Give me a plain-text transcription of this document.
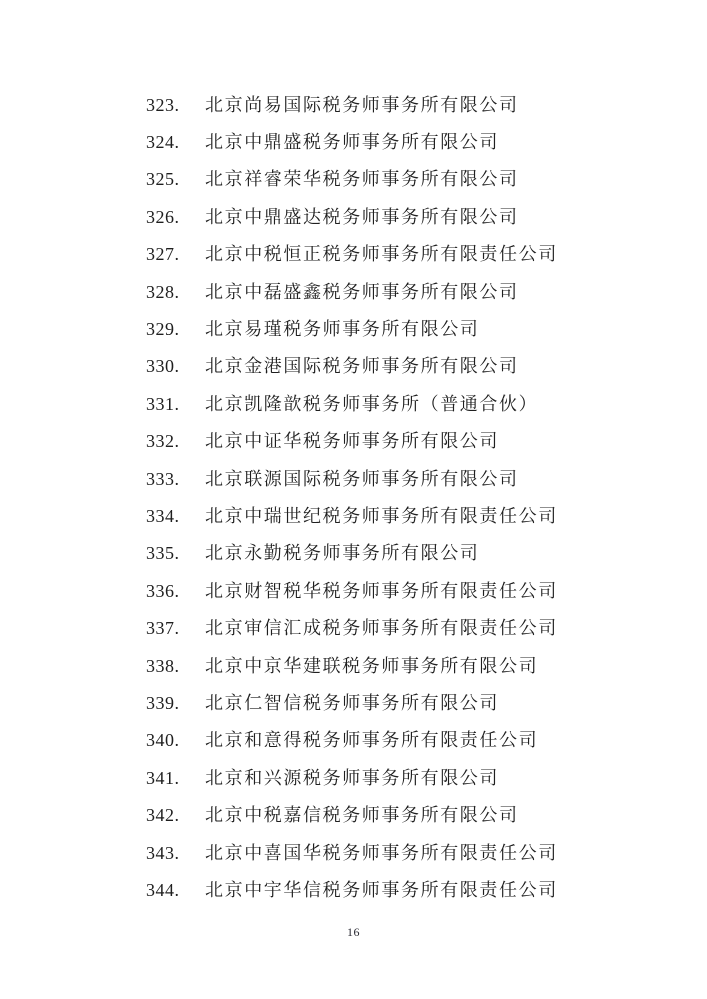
323.	北京尚易国际税务师事务所有限公司
324.	北京中鼎盛税务师事务所有限公司
325.	北京祥睿荣华税务师事务所有限公司
326.	北京中鼎盛达税务师事务所有限公司
327.	北京中税恒正税务师事务所有限责任公司
328.	北京中磊盛鑫税务师事务所有限公司
329.	北京易瑾税务师事务所有限公司
330.	北京金港国际税务师事务所有限公司
331.	北京凯隆歆税务师事务所（普通合伙）
332.	北京中证华税务师事务所有限公司
333.	北京联源国际税务师事务所有限公司
334.	北京中瑞世纪税务师事务所有限责任公司
335.	北京永勤税务师事务所有限公司
336.	北京财智税华税务师事务所有限责任公司
337.	北京审信汇成税务师事务所有限责任公司
338.	北京中京华建联税务师事务所有限公司
339.	北京仁智信税务师事务所有限公司
340.	北京和意得税务师事务所有限责任公司
341.	北京和兴源税务师事务所有限公司
342.	北京中税嘉信税务师事务所有限公司
343.	北京中喜国华税务师事务所有限责任公司
344.	北京中宇华信税务师事务所有限责任公司
16
